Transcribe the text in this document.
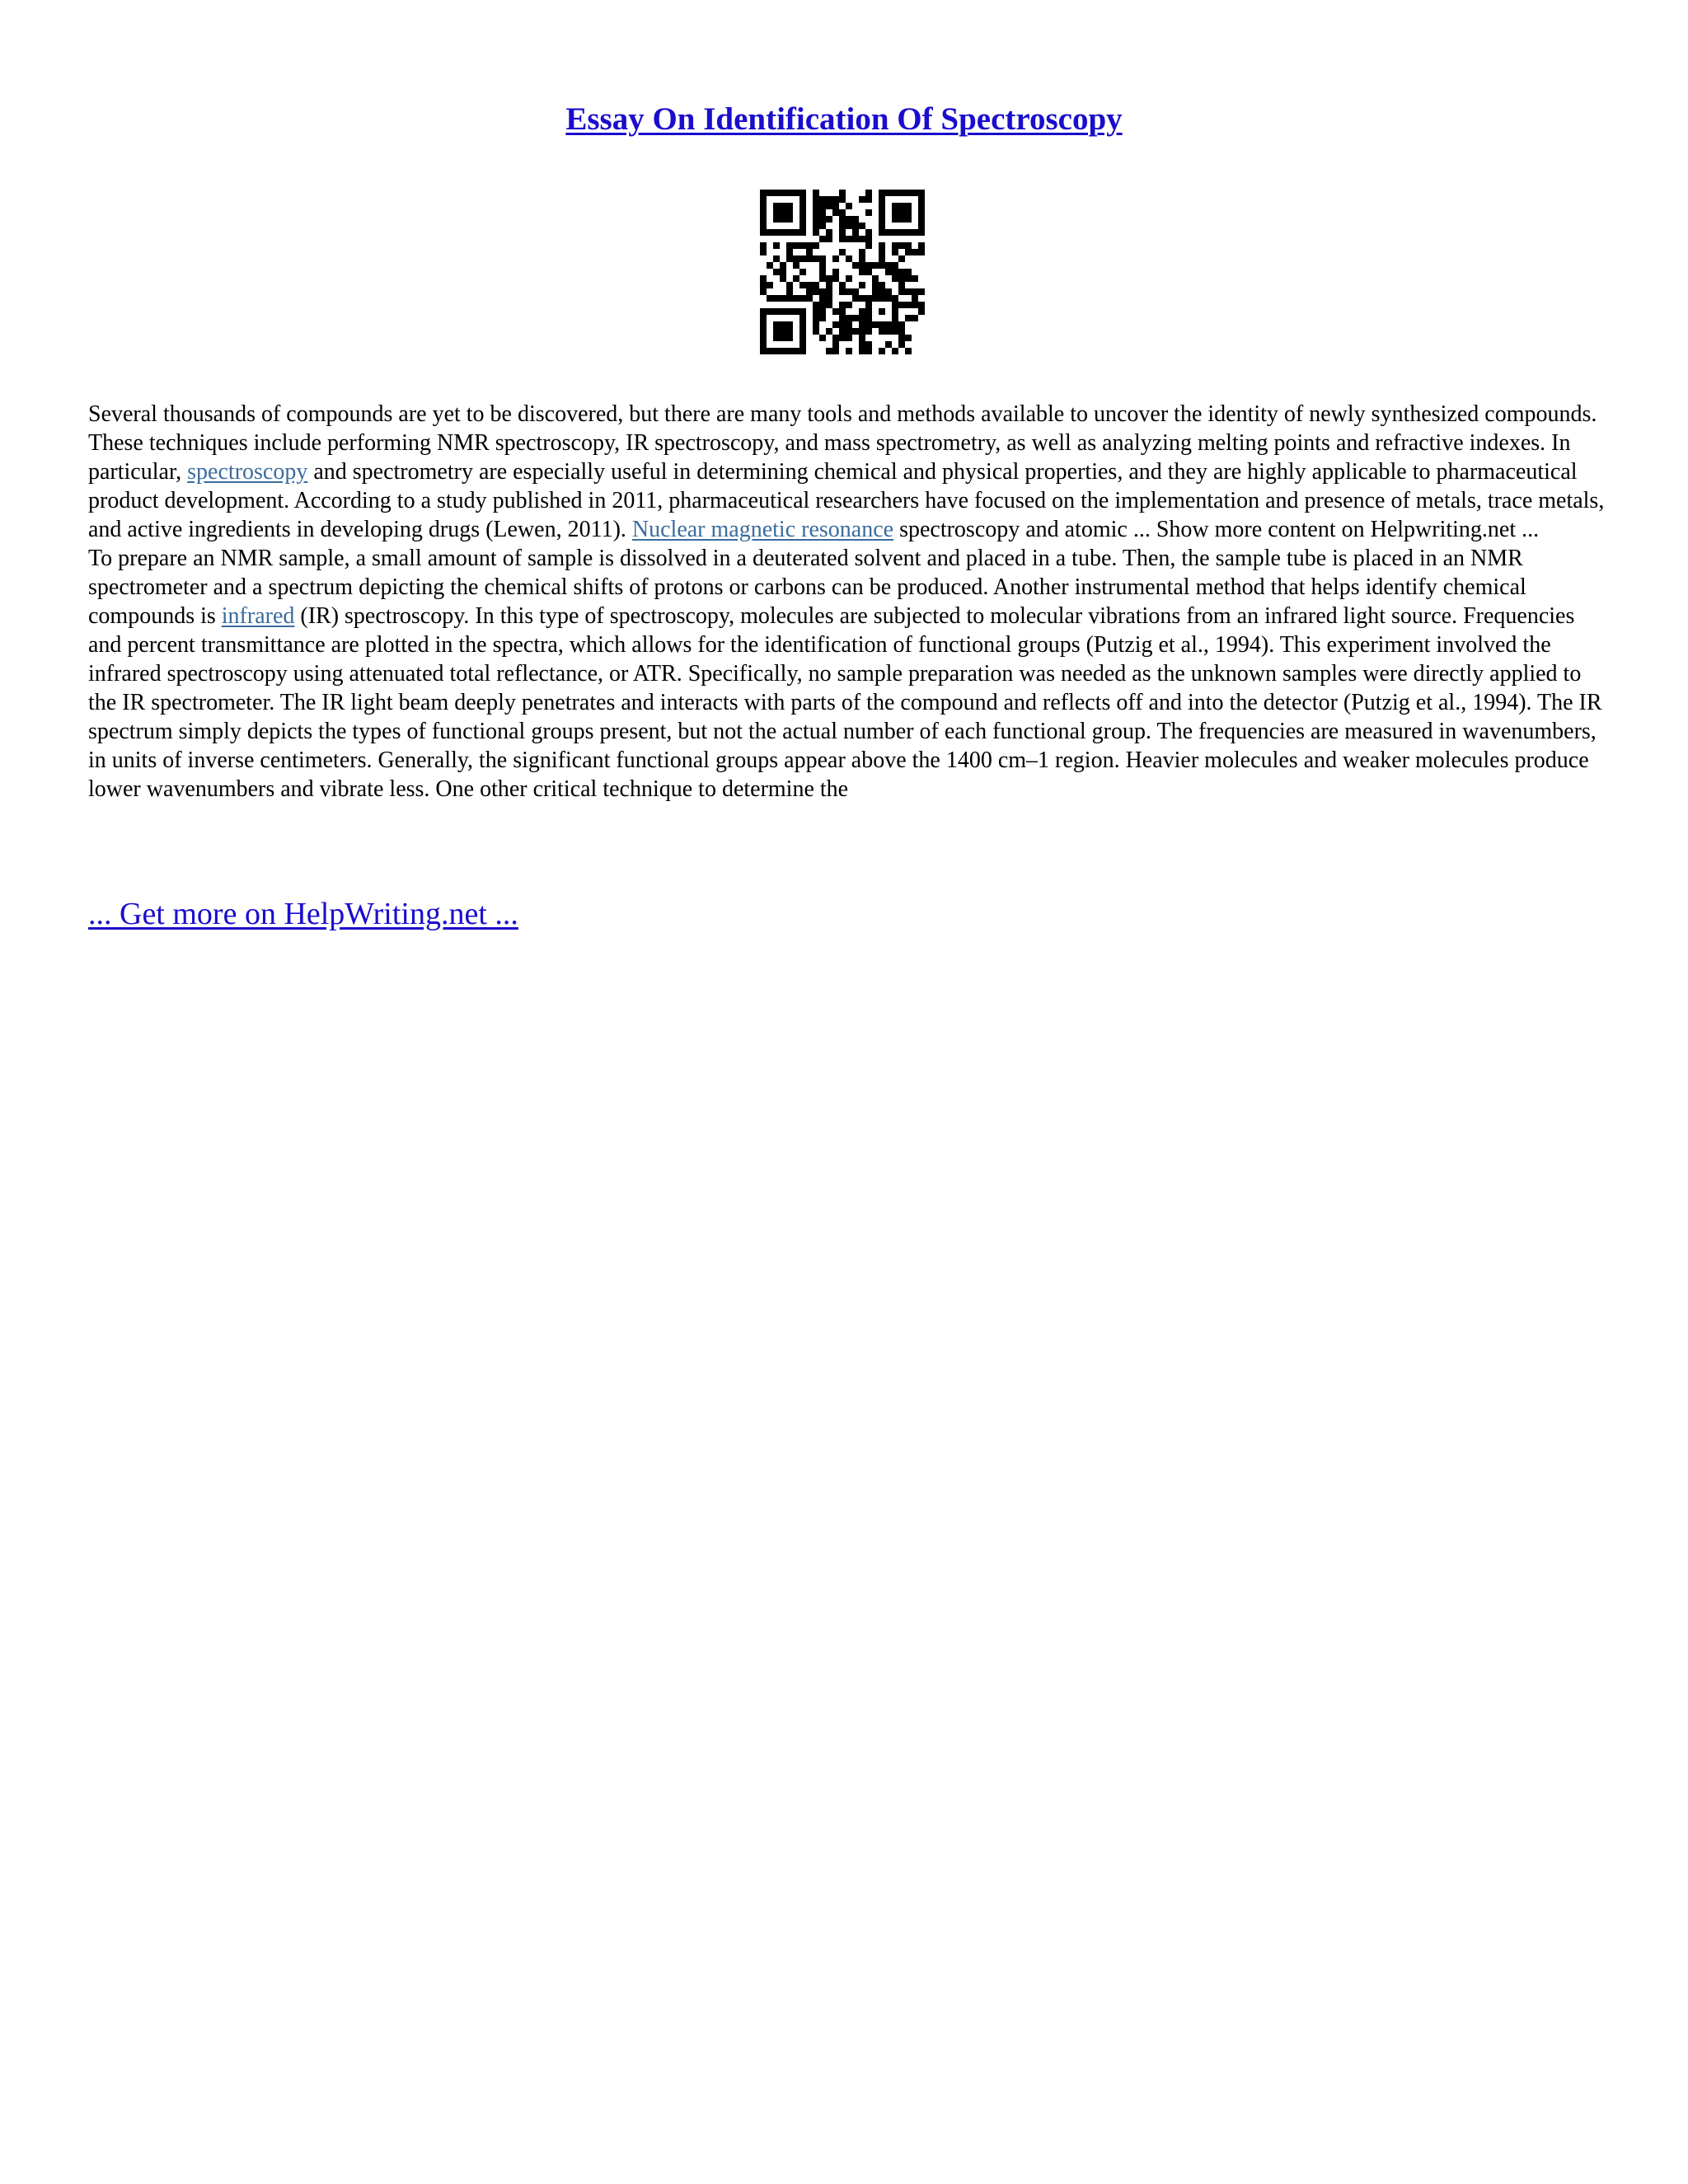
Essay On Identification Of Spectroscopy

Several thousands of compounds are yet to be discovered, but there are many tools and methods available to uncover the identity of newly synthesized compounds. These techniques include performing NMR spectroscopy, IR spectroscopy, and mass spectrometry, as well as analyzing melting points and refractive indexes. In particular, spectroscopy and spectrometry are especially useful in determining chemical and physical properties, and they are highly applicable to pharmaceutical product development. According to a study published in 2011, pharmaceutical researchers have focused on the implementation and presence of metals, trace metals, and active ingredients in developing drugs (Lewen, 2011). Nuclear magnetic resonance spectroscopy and atomic ... Show more content on Helpwriting.net ...

To prepare an NMR sample, a small amount of sample is dissolved in a deuterated solvent and placed in a tube. Then, the sample tube is placed in an NMR spectrometer and a spectrum depicting the chemical shifts of protons or carbons can be produced. Another instrumental method that helps identify chemical compounds is infrared (IR) spectroscopy. In this type of spectroscopy, molecules are subjected to molecular vibrations from an infrared light source. Frequencies and percent transmittance are plotted in the spectra, which allows for the identification of functional groups (Putzig et al., 1994). This experiment involved the infrared spectroscopy using attenuated total reflectance, or ATR. Specifically, no sample preparation was needed as the unknown samples were directly applied to the IR spectrometer. The IR light beam deeply penetrates and interacts with parts of the compound and reflects off and into the detector (Putzig et al., 1994). The IR spectrum simply depicts the types of functional groups present, but not the actual number of each functional group. The frequencies are measured in wavenumbers, in units of inverse centimeters. Generally, the significant functional groups appear above the 1400 cm–1 region. Heavier molecules and weaker molecules produce lower wavenumbers and vibrate less. One other critical technique to determine the

... Get more on HelpWriting.net ...
